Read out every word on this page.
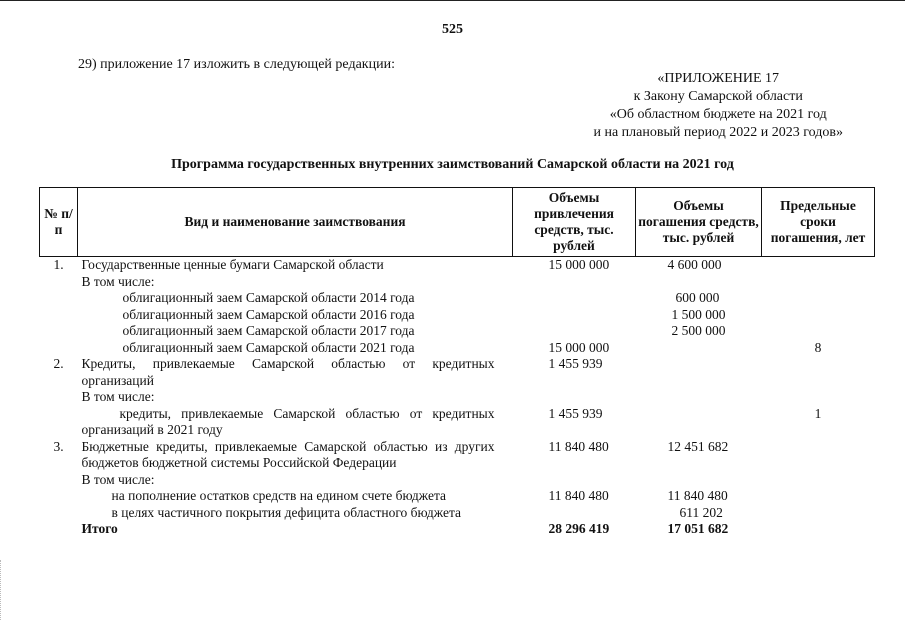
525
29) приложение 17 изложить в следующей редакции:
«ПРИЛОЖЕНИЕ 17
к Закону Самарской области
«Об областном бюджете на 2021 год
и на плановый период 2022 и 2023 годов»
Программа государственных внутренних заимствований Самарской области на 2021 год
№ п/п	Вид и наименование заимствования	Объемы привлечения средств, тыс. рублей	Объемы погашения средств, тыс. рублей	Предельные сроки погашения, лет
1.	Государственные ценные бумаги Самарской области	15 000 000	4 600 000	
	В том числе:			
	облигационный заем Самарской области 2014 года		600 000	
	облигационный заем Самарской области 2016 года		1 500 000	
	облигационный заем Самарской области 2017 года		2 500 000	
	облигационный заем Самарской области 2021 года	15 000 000		8
2.	Кредиты, привлекаемые Самарской областью от кредитных организаций	1 455 939		
	В том числе:			
	кредиты, привлекаемые Самарской областью от кредитных организаций в 2021 году	1 455 939		1
3.	Бюджетные кредиты, привлекаемые Самарской областью из других бюджетов бюджетной системы Российской Федерации	11 840 480	12 451 682	
	В том числе:			
	на пополнение остатков средств на едином счете бюджета	11 840 480	11 840 480	
	в целях частичного покрытия дефицита областного бюджета		611 202	
	Итого	28 296 419	17 051 682	
